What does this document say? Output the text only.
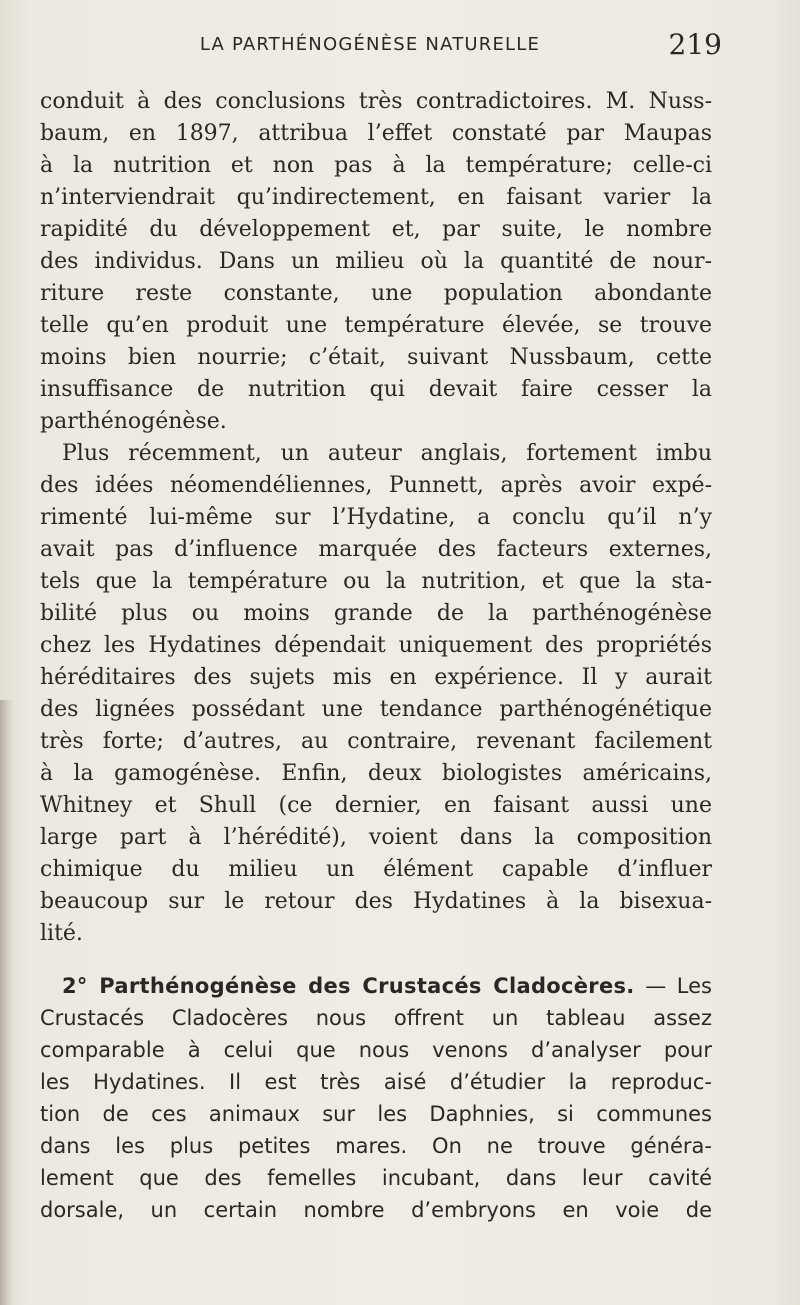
LA PARTHÉNOGÉNÈSE NATURELLE	219
conduit à des conclusions très contradictoires. M. Nuss-
baum, en 1897, attribua l’effet constaté par Maupas
à la nutrition et non pas à la température; celle-ci
n’interviendrait qu’indirectement, en faisant varier la
rapidité du développement et, par suite, le nombre
des individus. Dans un milieu où la quantité de nour-
riture reste constante, une population abondante
telle qu’en produit une température élevée, se trouve
moins bien nourrie; c’était, suivant Nussbaum, cette
insuffisance de nutrition qui devait faire cesser la
parthénogénèse.
Plus récemment, un auteur anglais, fortement imbu
des idées néomendéliennes, Punnett, après avoir expé-
rimenté lui-même sur l’Hydatine, a conclu qu’il n’y
avait pas d’influence marquée des facteurs externes,
tels que la température ou la nutrition, et que la sta-
bilité plus ou moins grande de la parthénogénèse
chez les Hydatines dépendait uniquement des propriétés
héréditaires des sujets mis en expérience. Il y aurait
des lignées possédant une tendance parthénogénétique
très forte; d’autres, au contraire, revenant facilement
à la gamogénèse. Enfin, deux biologistes américains,
Whitney et Shull (ce dernier, en faisant aussi une
large part à l’hérédité), voient dans la composition
chimique du milieu un élément capable d’influer
beaucoup sur le retour des Hydatines à la bisexua-
lité.
2° Parthénogénèse des Crustacés Cladocères. — Les
Crustacés Cladocères nous offrent un tableau assez
comparable à celui que nous venons d’analyser pour
les Hydatines. Il est très aisé d’étudier la reproduc-
tion de ces animaux sur les Daphnies, si communes
dans les plus petites mares. On ne trouve généra-
lement que des femelles incubant, dans leur cavité
dorsale, un certain nombre d’embryons en voie de
